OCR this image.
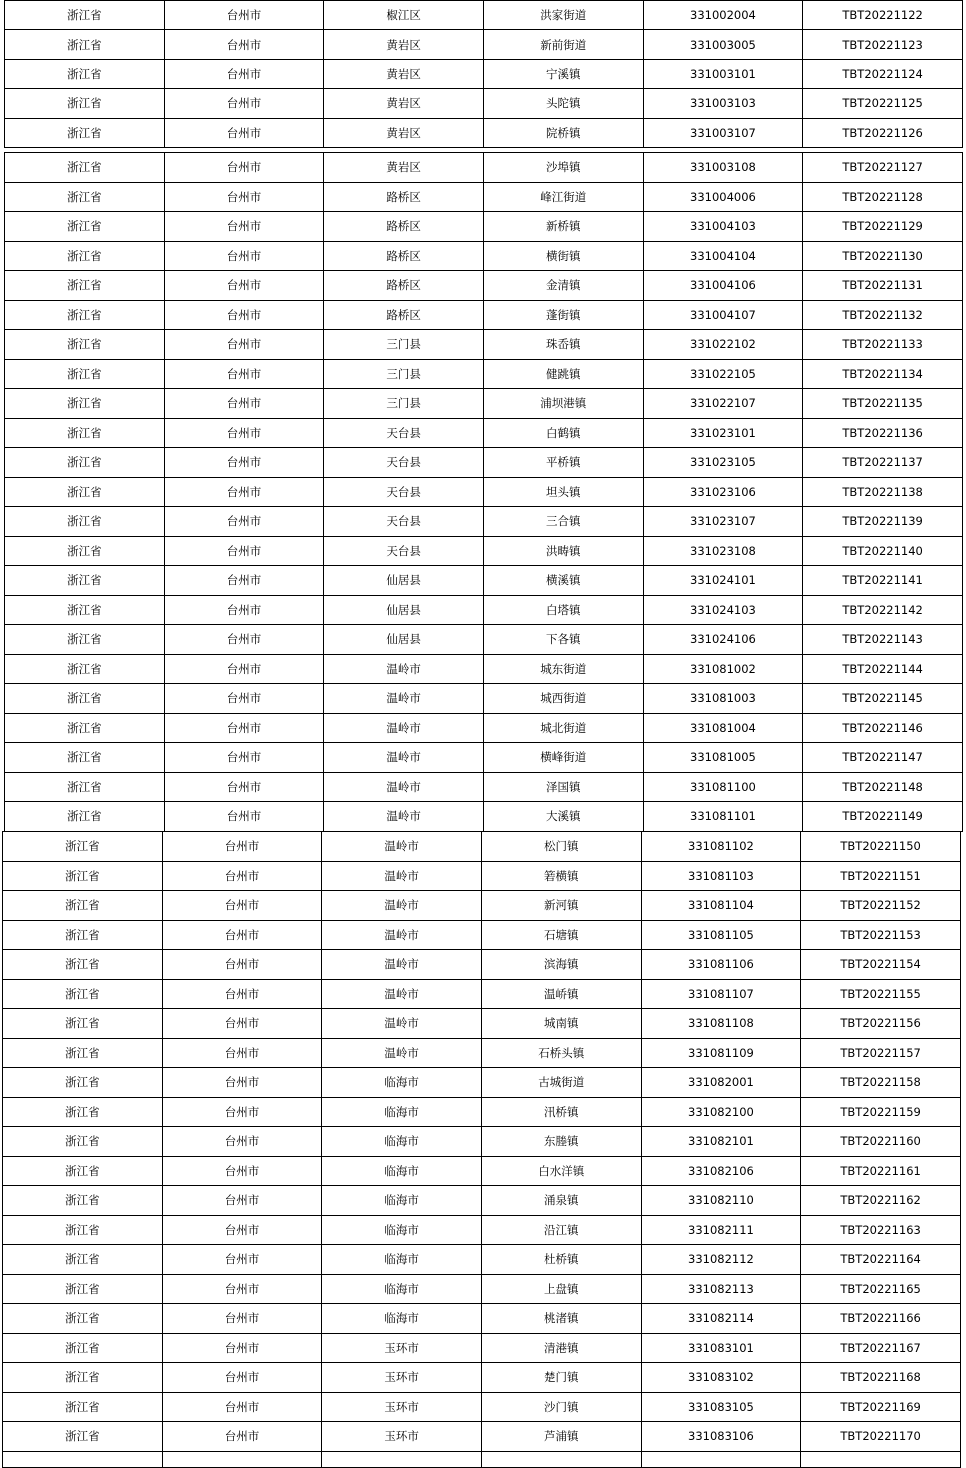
浙江省	台州市	椒江区	洪家街道	331002004	TBT20221122
浙江省	台州市	黄岩区	新前街道	331003005	TBT20221123
浙江省	台州市	黄岩区	宁溪镇	331003101	TBT20221124
浙江省	台州市	黄岩区	头陀镇	331003103	TBT20221125
浙江省	台州市	黄岩区	院桥镇	331003107	TBT20221126
浙江省	台州市	黄岩区	沙埠镇	331003108	TBT20221127
浙江省	台州市	路桥区	峰江街道	331004006	TBT20221128
浙江省	台州市	路桥区	新桥镇	331004103	TBT20221129
浙江省	台州市	路桥区	横街镇	331004104	TBT20221130
浙江省	台州市	路桥区	金清镇	331004106	TBT20221131
浙江省	台州市	路桥区	蓬街镇	331004107	TBT20221132
浙江省	台州市	三门县	珠岙镇	331022102	TBT20221133
浙江省	台州市	三门县	健跳镇	331022105	TBT20221134
浙江省	台州市	三门县	浦坝港镇	331022107	TBT20221135
浙江省	台州市	天台县	白鹤镇	331023101	TBT20221136
浙江省	台州市	天台县	平桥镇	331023105	TBT20221137
浙江省	台州市	天台县	坦头镇	331023106	TBT20221138
浙江省	台州市	天台县	三合镇	331023107	TBT20221139
浙江省	台州市	天台县	洪畴镇	331023108	TBT20221140
浙江省	台州市	仙居县	横溪镇	331024101	TBT20221141
浙江省	台州市	仙居县	白塔镇	331024103	TBT20221142
浙江省	台州市	仙居县	下各镇	331024106	TBT20221143
浙江省	台州市	温岭市	城东街道	331081002	TBT20221144
浙江省	台州市	温岭市	城西街道	331081003	TBT20221145
浙江省	台州市	温岭市	城北街道	331081004	TBT20221146
浙江省	台州市	温岭市	横峰街道	331081005	TBT20221147
浙江省	台州市	温岭市	泽国镇	331081100	TBT20221148
浙江省	台州市	温岭市	大溪镇	331081101	TBT20221149
浙江省	台州市	温岭市	松门镇	331081102	TBT20221150
浙江省	台州市	温岭市	箬横镇	331081103	TBT20221151
浙江省	台州市	温岭市	新河镇	331081104	TBT20221152
浙江省	台州市	温岭市	石塘镇	331081105	TBT20221153
浙江省	台州市	温岭市	滨海镇	331081106	TBT20221154
浙江省	台州市	温岭市	温峤镇	331081107	TBT20221155
浙江省	台州市	温岭市	城南镇	331081108	TBT20221156
浙江省	台州市	温岭市	石桥头镇	331081109	TBT20221157
浙江省	台州市	临海市	古城街道	331082001	TBT20221158
浙江省	台州市	临海市	汛桥镇	331082100	TBT20221159
浙江省	台州市	临海市	东塍镇	331082101	TBT20221160
浙江省	台州市	临海市	白水洋镇	331082106	TBT20221161
浙江省	台州市	临海市	涌泉镇	331082110	TBT20221162
浙江省	台州市	临海市	沿江镇	331082111	TBT20221163
浙江省	台州市	临海市	杜桥镇	331082112	TBT20221164
浙江省	台州市	临海市	上盘镇	331082113	TBT20221165
浙江省	台州市	临海市	桃渚镇	331082114	TBT20221166
浙江省	台州市	玉环市	清港镇	331083101	TBT20221167
浙江省	台州市	玉环市	楚门镇	331083102	TBT20221168
浙江省	台州市	玉环市	沙门镇	331083105	TBT20221169
浙江省	台州市	玉环市	芦浦镇	331083106	TBT20221170
